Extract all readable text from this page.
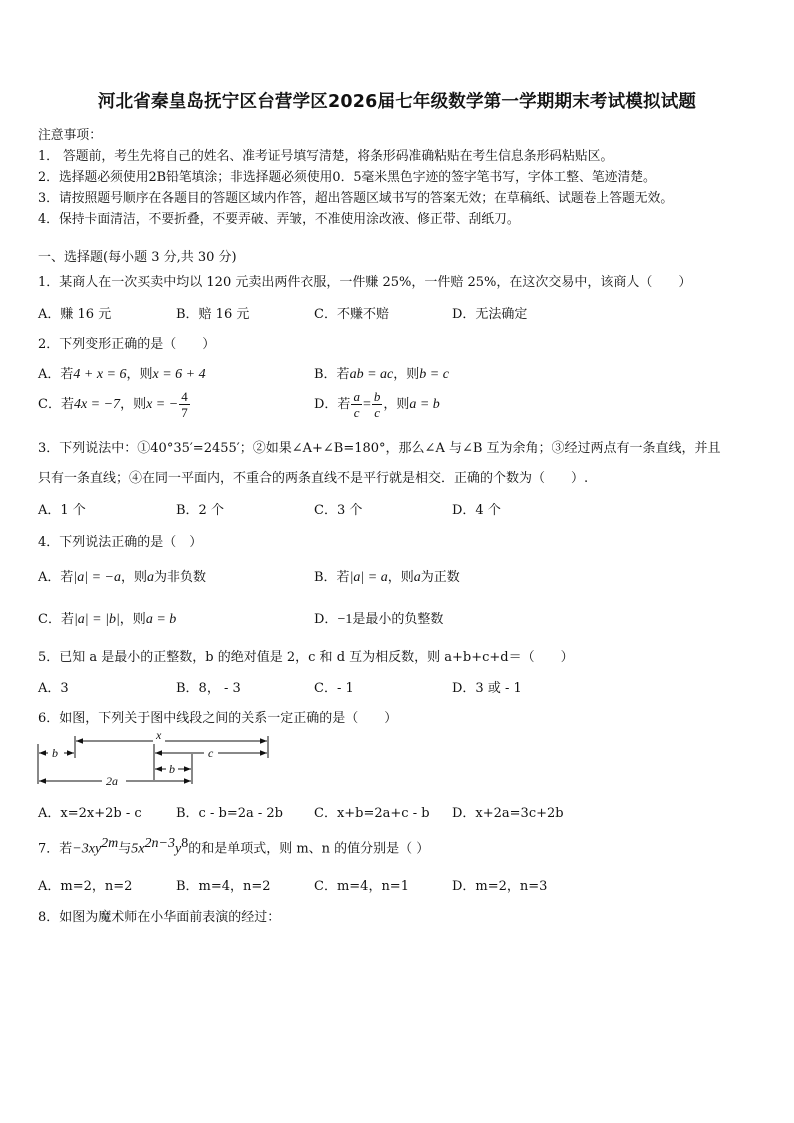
河北省秦皇岛抚宁区台营学区2026届七年级数学第一学期期末考试模拟试题
注意事项：
1． 答题前，考生先将自己的姓名、准考证号填写清楚，将条形码准确粘贴在考生信息条形码粘贴区。
2．选择题必须使用2B铅笔填涂；非选择题必须使用0．5毫米黑色字迹的签字笔书写，字体工整、笔迹清楚。
3．请按照题号顺序在各题目的答题区域内作答，超出答题区域书写的答案无效；在草稿纸、试题卷上答题无效。
4．保持卡面清洁，不要折叠，不要弄破、弄皱，不准使用涂改液、修正带、刮纸刀。
一、选择题(每小题 3 分,共 30 分)
1．某商人在一次买卖中均以 120 元卖出两件衣服，一件赚 25%，一件赔 25%，在这次交易中，该商人（　　）
A．赚 16 元	B．赔 16 元	C．不赚不赔	D．无法确定
2．下列变形正确的是（　　）
A．若4 + x = 6，则x = 6 + 4	B．若ab = ac，则b = c
C．若4x = −7，则x = − $\frac{4}{7}$	D．若 $\frac{a}{c} = \frac{b}{c}$ ，则a = b
3．下列说法中：①40°35′=2455′；②如果∠A+∠B=180°，那么∠A 与∠B 互为余角；③经过两点有一条直线，并且
只有一条直线；④在同一平面内，不重合的两条直线不是平行就是相交．正确的个数为（　　）.
A．1 个	B．2 个	C．3 个	D．4 个
4．下列说法正确的是（　）
A．若|a| = −a，则a为非负数	B．若|a| = a，则a为正数
C．若|a| = |b|，则a = b	D．−1是最小的负整数
5．已知 a 是最小的正整数，b 的绝对值是 2，c 和 d 互为相反数，则 a+b+c+d＝（　　）
A．3	B．8， - 3	C．- 1	D．3 或 - 1
6．如图，下列关于图中线段之间的关系一定正确的是（　　）
b
x
c
b
2a
A．x=2x+2b - c	B．c - b=2a - 2b C．x+b=2a+c - b D．x+2a=3c+2b
7．若$-3xy^{2m}$与$5x^{2n-3}y^8$的和是单项式，则 m、n 的值分别是（ ）
A．m=2，n=2	B．m=4，n=2	C．m=4，n=1	D．m=2，n=3
8．如图为魔术师在小华面前表演的经过：
